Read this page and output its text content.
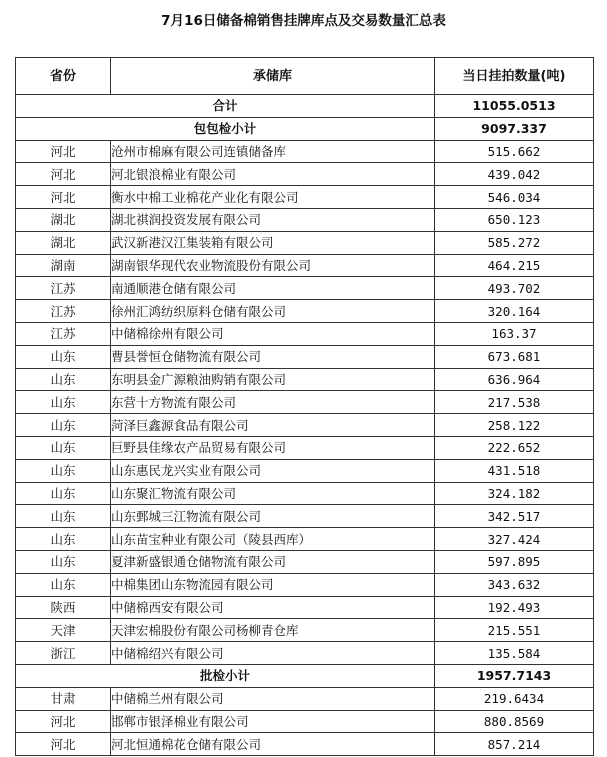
7月16日储备棉销售挂牌库点及交易数量汇总表
省份	承储库	当日挂拍数量(吨)
合计		11055.0513
包包检小计		9097.337
河北	沧州市棉麻有限公司连镇储备库	515.662
河北	河北银浪棉业有限公司	439.042
河北	衡水中棉工业棉花产业化有限公司	546.034
湖北	湖北祺润投资发展有限公司	650.123
湖北	武汉新港汉江集装箱有限公司	585.272
湖南	湖南银华现代农业物流股份有限公司	464.215
江苏	南通顺港仓储有限公司	493.702
江苏	徐州汇鸿纺织原料仓储有限公司	320.164
江苏	中储棉徐州有限公司	163.37
山东	曹县誉恒仓储物流有限公司	673.681
山东	东明县金广源粮油购销有限公司	636.964
山东	东营十方物流有限公司	217.538
山东	菏泽巨鑫源食品有限公司	258.122
山东	巨野县佳缘农产品贸易有限公司	222.652
山东	山东惠民龙兴实业有限公司	431.518
山东	山东聚汇物流有限公司	324.182
山东	山东鄄城三江物流有限公司	342.517
山东	山东苗宝种业有限公司（陵县西库）	327.424
山东	夏津新盛银通仓储物流有限公司	597.895
山东	中棉集团山东物流园有限公司	343.632
陕西	中储棉西安有限公司	192.493
天津	天津宏棉股份有限公司杨柳青仓库	215.551
浙江	中储棉绍兴有限公司	135.584
批检小计		1957.7143
甘肃	中储棉兰州有限公司	219.6434
河北	邯郸市银泽棉业有限公司	880.8569
河北	河北恒通棉花仓储有限公司	857.214
